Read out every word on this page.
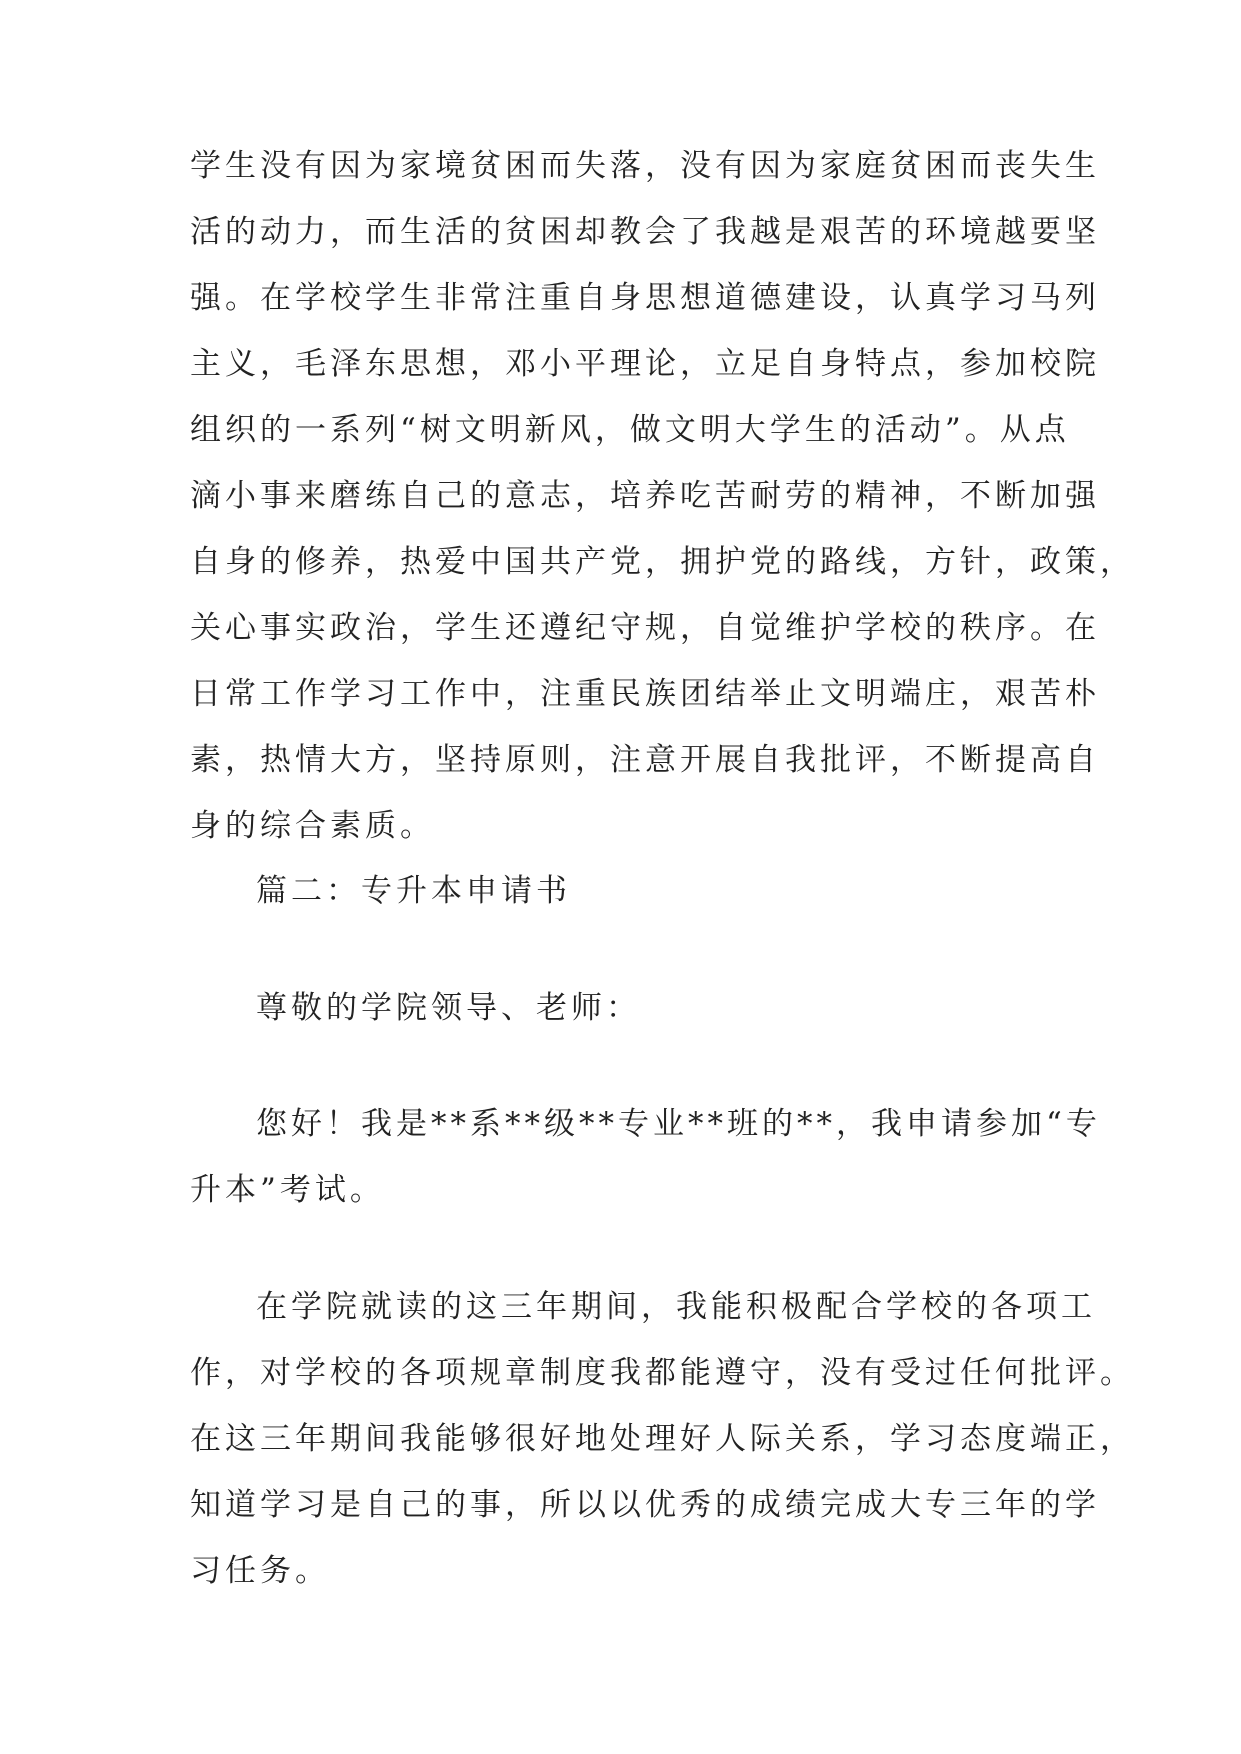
学生没有因为家境贫困而失落，没有因为家庭贫困而丧失生
活的动力，而生活的贫困却教会了我越是艰苦的环境越要坚
强。在学校学生非常注重自身思想道德建设，认真学习马列
主义，毛泽东思想，邓小平理论，立足自身特点，参加校院
组织的一系列“树文明新风，做文明大学生的活动”。从点
滴小事来磨练自己的意志，培养吃苦耐劳的精神，不断加强
自身的修养，热爱中国共产党，拥护党的路线，方针，政策，
关心事实政治，学生还遵纪守规，自觉维护学校的秩序。在
日常工作学习工作中，注重民族团结举止文明端庄，艰苦朴
素，热情大方，坚持原则，注意开展自我批评，不断提高自
身的综合素质。
篇二：专升本申请书
尊敬的学院领导、老师：
您好！我是**系**级**专业**班的**，我申请参加“专
升本”考试。
在学院就读的这三年期间，我能积极配合学校的各项工
作，对学校的各项规章制度我都能遵守，没有受过任何批评。
在这三年期间我能够很好地处理好人际关系，学习态度端正，
知道学习是自己的事，所以以优秀的成绩完成大专三年的学
习任务。
